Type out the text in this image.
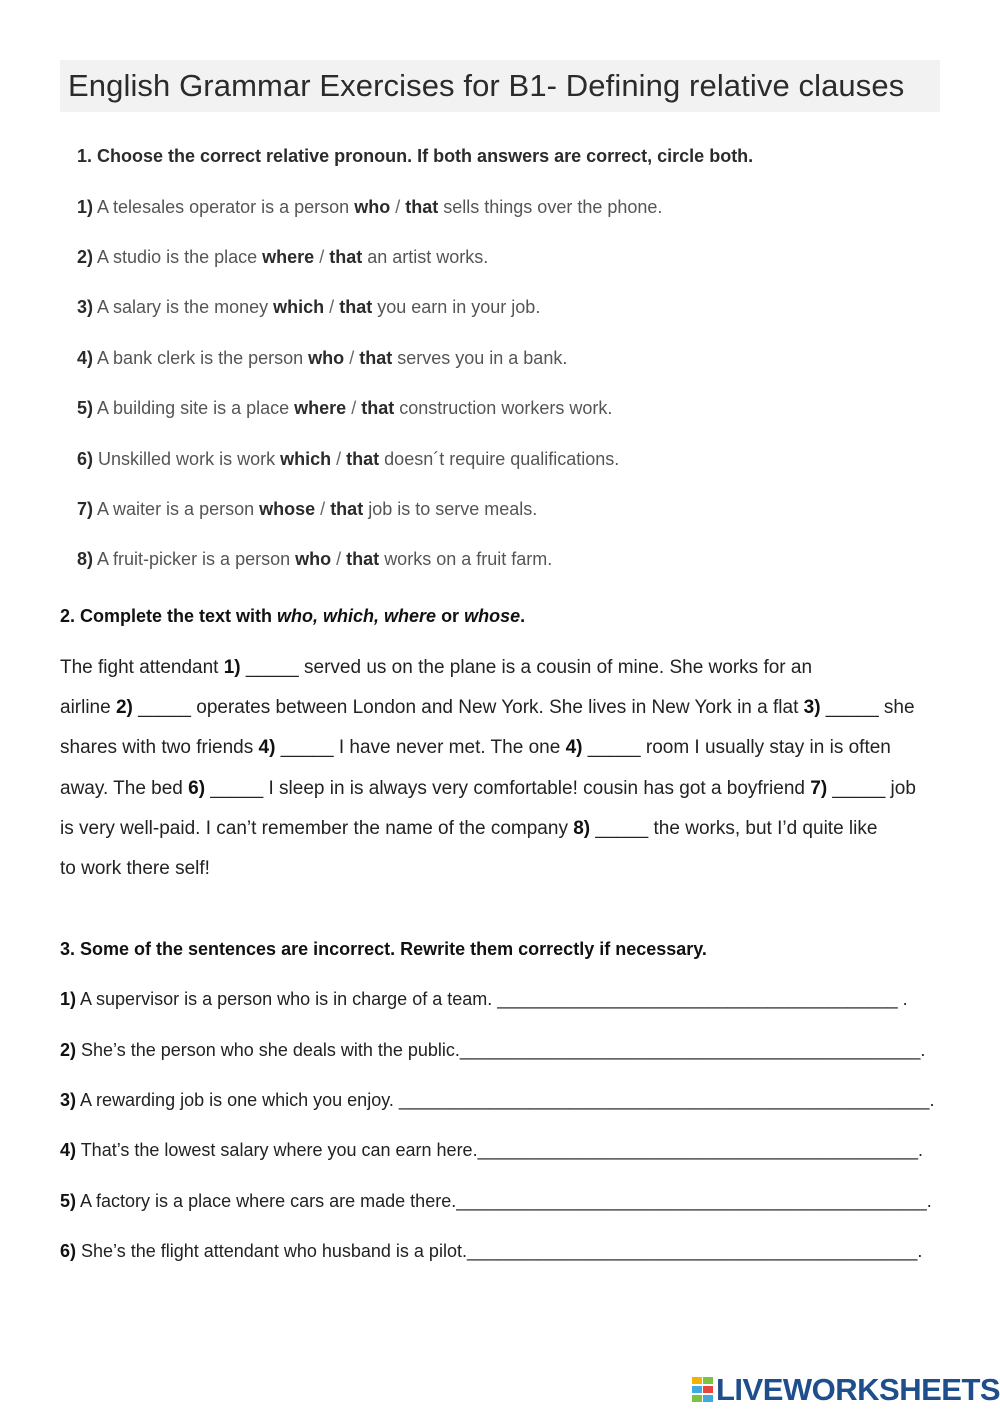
English Grammar Exercises for B1- Defining relative clauses
1. Choose the correct relative pronoun. If both answers are correct, circle both.
1) A telesales operator is a person who / that sells things over the phone.
2) A studio is the place where / that an artist works.
3) A salary is the money which / that you earn in your job.
4) A bank clerk is the person who / that serves you in a bank.
5) A building site is a place where / that construction workers work.
6) Unskilled work is work which / that doesn´t require qualifications.
7) A waiter is a person whose / that job is to serve meals.
8) A fruit-picker is a person who / that works on a fruit farm.
2. Complete the text with who, which, where or whose.
The fight attendant 1) _____ served us on the plane is a cousin of mine. She works for an
airline 2) _____ operates between London and New York. She lives in New York in a flat 3) _____ she
shares with two friends 4) _____ I have never met. The one 4) _____ room I usually stay in is often
away. The bed 6) _____ I sleep in is always very comfortable! cousin has got a boyfriend 7) _____ job
is very well-paid. I can’t remember the name of the company 8) _____ the works, but I’d quite like
to work there self!
3. Some of the sentences are incorrect. Rewrite them correctly if necessary.
1) A supervisor is a person who is in charge of a team. ________________________________________ .
2) She’s the person who she deals with the public.______________________________________________.
3) A rewarding job is one which you enjoy. _____________________________________________________.
4) That’s the lowest salary where you can earn here.____________________________________________.
5) A factory is a place where cars are made there._______________________________________________.
6) She’s the flight attendant who husband is a pilot._____________________________________________.
LIVEWORKSHEETS
